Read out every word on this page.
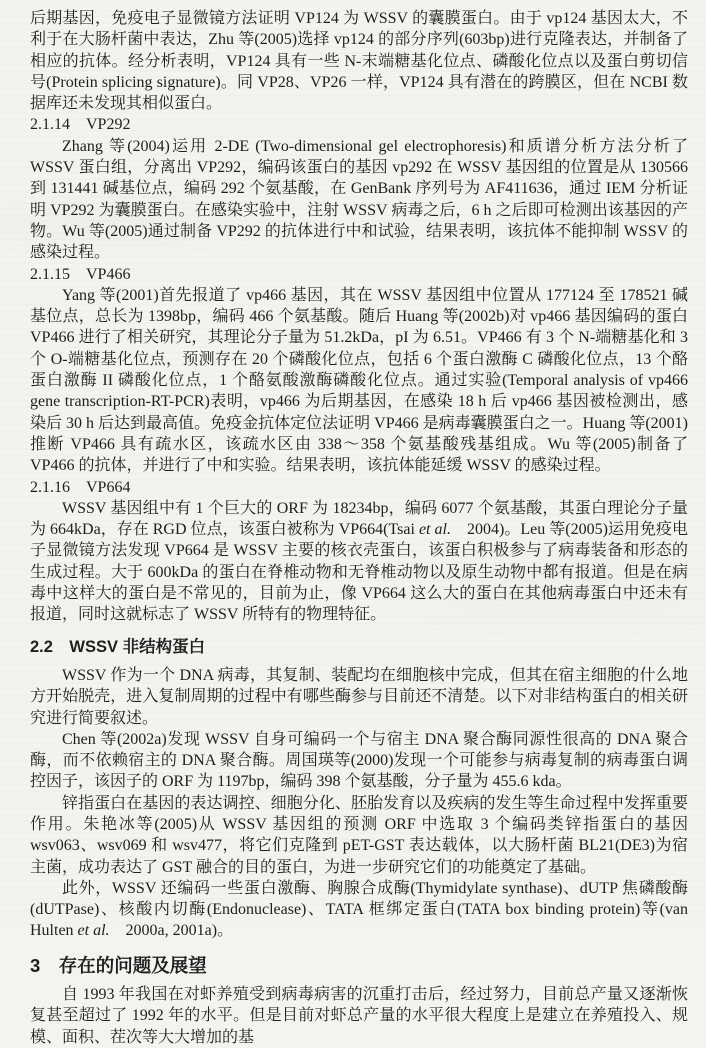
后期基因，免疫电子显微镜方法证明 VP124 为 WSSV 的囊膜蛋白。由于 vp124 基因太大，不利于在大肠杆菌中表达，Zhu 等(2005)选择 vp124 的部分序列(603bp)进行克隆表达，并制备了相应的抗体。经分析表明，VP124 具有一些 N-末端糖基化位点、磷酸化位点以及蛋白剪切信号(Protein splicing signature)。同 VP28、VP26 一样，VP124 具有潜在的跨膜区，但在 NCBI 数据库还未发现其相似蛋白。
2.1.14　VP292
Zhang 等(2004)运用 2-DE (Two-dimensional gel electrophoresis)和质谱分析方法分析了 WSSV 蛋白组，分离出 VP292，编码该蛋白的基因 vp292 在 WSSV 基因组的位置是从 130566 到 131441 碱基位点，编码 292 个氨基酸，在 GenBank 序列号为 AF411636，通过 IEM 分析证明 VP292 为囊膜蛋白。在感染实验中，注射 WSSV 病毒之后，6 h 之后即可检测出该基因的产物。Wu 等(2005)通过制备 VP292 的抗体进行中和试验，结果表明，该抗体不能抑制 WSSV 的感染过程。
2.1.15　VP466
Yang 等(2001)首先报道了 vp466 基因，其在 WSSV 基因组中位置从 177124 至 178521 碱基位点，总长为 1398bp，编码 466 个氨基酸。随后 Huang 等(2002b)对 vp466 基因编码的蛋白 VP466 进行了相关研究，其理论分子量为 51.2kDa，pI 为 6.51。VP466 有 3 个 N-端糖基化和 3 个 O-端糖基化位点，预测存在 20 个磷酸化位点，包括 6 个蛋白激酶 C 磷酸化位点，13 个酪蛋白激酶 II 磷酸化位点，1 个酪氨酸激酶磷酸化位点。通过实验(Temporal analysis of vp466 gene transcription-RT-PCR)表明，vp466 为后期基因，在感染 18 h 后 vp466 基因被检测出，感染后 30 h 后达到最高值。免疫金抗体定位法证明 VP466 是病毒囊膜蛋白之一。Huang 等(2001)推断 VP466 具有疏水区，该疏水区由 338～358 个氨基酸残基组成。Wu 等(2005)制备了 VP466 的抗体，并进行了中和实验。结果表明，该抗体能延缓 WSSV 的感染过程。
2.1.16　VP664
WSSV 基因组中有 1 个巨大的 ORF 为 18234bp，编码 6077 个氨基酸，其蛋白理论分子量为 664kDa，存在 RGD 位点，该蛋白被称为 VP664(Tsai et al.　2004)。Leu 等(2005)运用免疫电子显微镜方法发现 VP664 是 WSSV 主要的核衣壳蛋白，该蛋白积极参与了病毒装备和形态的生成过程。大于 600kDa 的蛋白在脊椎动物和无脊椎动物以及原生动物中都有报道。但是在病毒中这样大的蛋白是不常见的，目前为止，像 VP664 这么大的蛋白在其他病毒蛋白中还未有报道，同时这就标志了 WSSV 所特有的物理特征。
2.2　WSSV 非结构蛋白
WSSV 作为一个 DNA 病毒，其复制、装配均在细胞核中完成，但其在宿主细胞的什么地方开始脱壳，进入复制周期的过程中有哪些酶参与目前还不清楚。以下对非结构蛋白的相关研究进行简要叙述。
Chen 等(2002a)发现 WSSV 自身可编码一个与宿主 DNA 聚合酶同源性很高的 DNA 聚合酶，而不依赖宿主的 DNA 聚合酶。周国瑛等(2000)发现一个可能参与病毒复制的病毒蛋白调控因子，该因子的 ORF 为 1197bp，编码 398 个氨基酸，分子量为 455.6 kda。
锌指蛋白在基因的表达调控、细胞分化、胚胎发育以及疾病的发生等生命过程中发挥重要作用。朱艳冰等(2005)从 WSSV 基因组的预测 ORF 中选取 3 个编码类锌指蛋白的基因 wsv063、wsv069 和 wsv477，将它们克隆到 pET-GST 表达载体，以大肠杆菌 BL21(DE3)为宿主菌，成功表达了 GST 融合的目的蛋白，为进一步研究它们的功能奠定了基础。
此外，WSSV 还编码一些蛋白激酶、胸腺合成酶(Thymidylate synthase)、dUTP 焦磷酸酶(dUTPase)、核酸内切酶(Endonuclease)、TATA 框绑定蛋白(TATA box binding protein)等(van Hulten et al.　2000a, 2001a)。
3　存在的问题及展望
自 1993 年我国在对虾养殖受到病毒病害的沉重打击后，经过努力，目前总产量又逐渐恢复甚至超过了 1992 年的水平。但是目前对虾总产量的水平很大程度上是建立在养殖投入、规模、面积、茬次等大大增加的基
